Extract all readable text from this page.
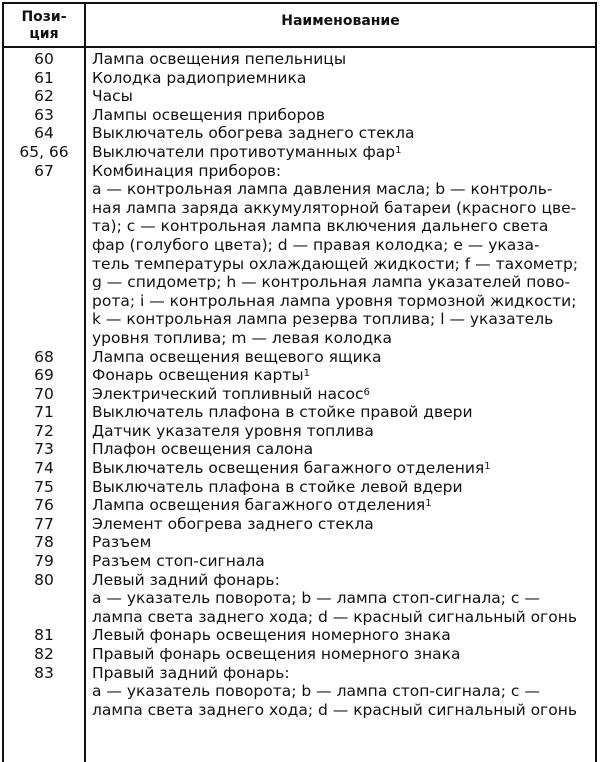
Пози-
ция
Наименование
60	Лампа освещения пепельницы
61	Колодка радиоприемника
62	Часы
63	Лампы освещения приборов
64	Выключатель обогрева заднего стекла
65, 66	Выключатели противотуманных фар$^1$
67	Комбинация приборов:
а — контрольная лампа давления масла; b — контроль-
ная лампа заряда аккумуляторной батареи (красного цве-
та); с — контрольная лампа включения дальнего света
фар (голубого цвета); d — правая колодка; е — указа-
тель температуры охлаждающей жидкости; f — тахометр;
g — спидометр; h — контрольная лампа указателей пово-
рота; i — контрольная лампа уровня тормозной жидкости;
k — контрольная лампа резерва топлива; l — указатель
уровня топлива; m — левая колодка
68	Лампа освещения вещевого ящика
69	Фонарь освещения карты$^1$
70	Электрический топливный насос$^6$
71	Выключатель плафона в стойке правой двери
72	Датчик указателя уровня топлива
73	Плафон освещения салона
74	Выключатель освещения багажного отделения$^1$
75	Выключатель плафона в стойке левой вдери
76	Лампа освещения багажного отделения$^1$
77	Элемент обогрева заднего стекла
78	Разъем
79	Разъем стоп-сигнала
80	Левый задний фонарь:
а — указатель поворота; b — лампа стоп-сигнала; с —
лампа света заднего хода; d — красный сигнальный огонь
81	Левый фонарь освещения номерного знака
82	Правый фонарь освещения номерного знака
83	Правый задний фонарь:
а — указатель поворота; b — лампа стоп-сигнала; с —
лампа света заднего хода; d — красный сигнальный огонь
